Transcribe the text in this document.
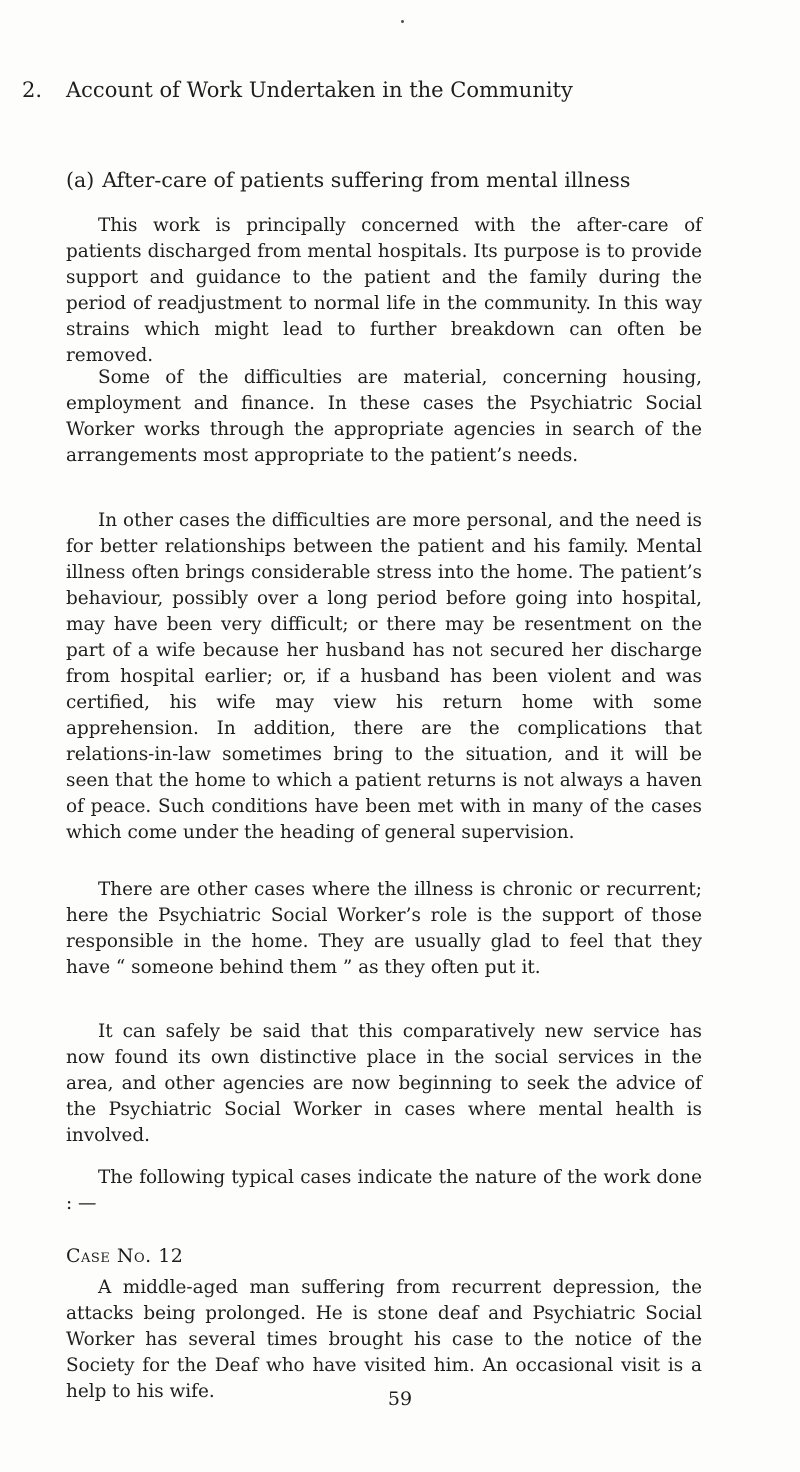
2. Account of Work Undertaken in the Community
(a) After-care of patients suffering from mental illness

This work is principally concerned with the after-care of patients discharged from mental hospitals. Its purpose is to provide support and guidance to the patient and the family during the period of readjustment to normal life in the community. In this way strains which might lead to further breakdown can often be removed.

Some of the difficulties are material, concerning housing, employment and finance. In these cases the Psychiatric Social Worker works through the appropriate agencies in search of the arrangements most appropriate to the patient’s needs.

In other cases the difficulties are more personal, and the need is for better relationships between the patient and his family. Mental illness often brings considerable stress into the home. The patient’s behaviour, possibly over a long period before going into hospital, may have been very difficult; or there may be resentment on the part of a wife because her husband has not secured her discharge from hospital earlier; or, if a husband has been violent and was certified, his wife may view his return home with some apprehension. In addition, there are the complications that relations-in-law sometimes bring to the situation, and it will be seen that the home to which a patient returns is not always a haven of peace. Such conditions have been met with in many of the cases which come under the heading of general supervision.

There are other cases where the illness is chronic or recurrent; here the Psychiatric Social Worker’s role is the support of those responsible in the home. They are usually glad to feel that they have “ someone behind them ” as they often put it.

It can safely be said that this comparatively new service has now found its own distinctive place in the social services in the area, and other agencies are now beginning to seek the advice of the Psychiatric Social Worker in cases where mental health is involved.

The following typical cases indicate the nature of the work done : —

Case No. 12

A middle-aged man suffering from recurrent depression, the attacks being prolonged. He is stone deaf and Psychiatric Social Worker has several times brought his case to the notice of the Society for the Deaf who have visited him. An occasional visit is a help to his wife.	59
